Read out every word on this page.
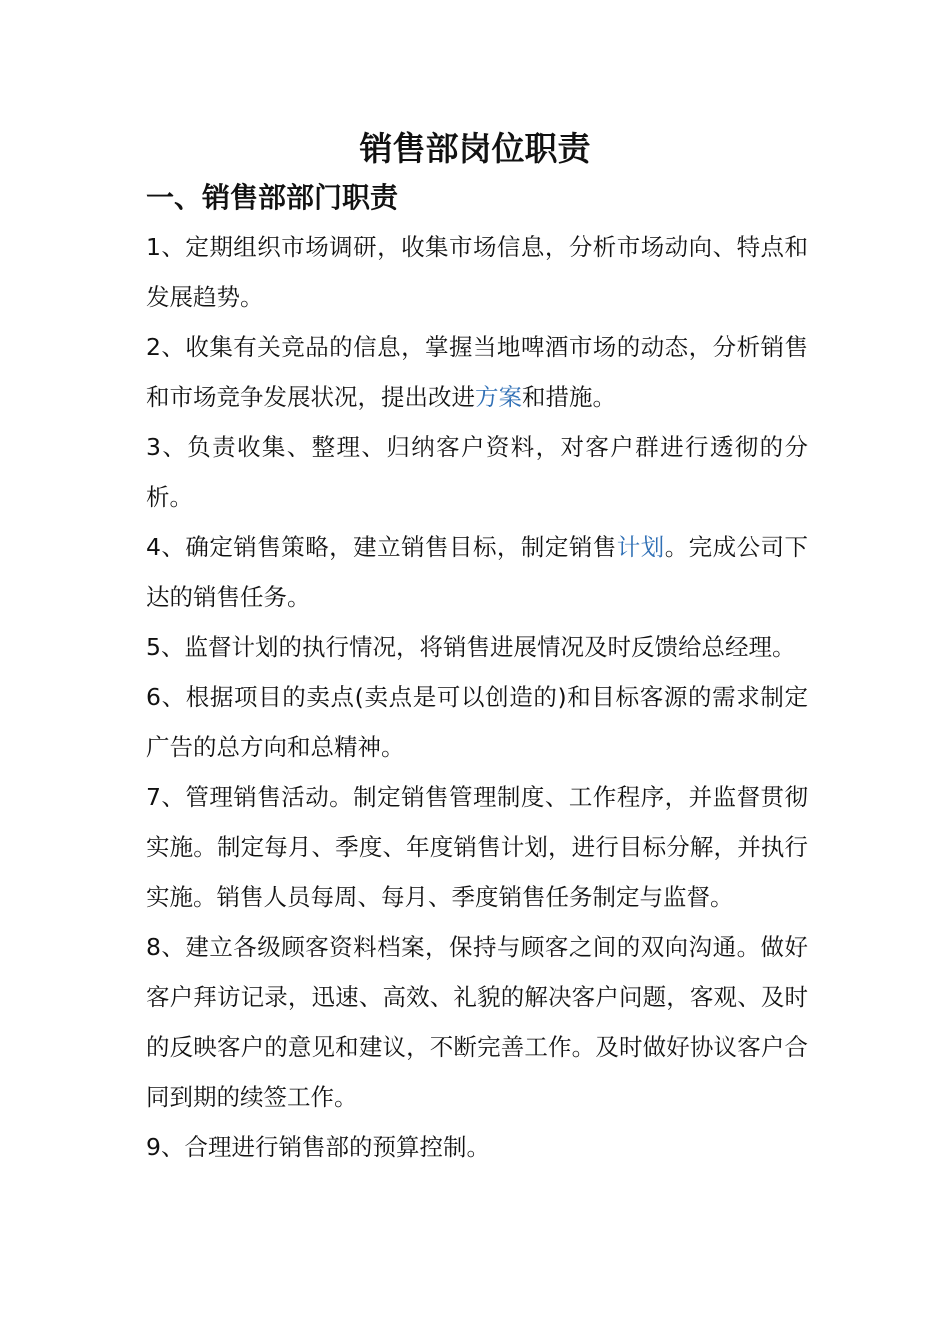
销售部岗位职责
一、销售部部门职责

1、定期组织市场调研，收集市场信息，分析市场动向、特点和发展趋势。

2、收集有关竞品的信息，掌握当地啤酒市场的动态，分析销售和市场竞争发展状况，提出改进方案和措施。

3、负责收集、整理、归纳客户资料，对客户群进行透彻的分析。

4、确定销售策略，建立销售目标，制定销售计划。完成公司下达的销售任务。

5、监督计划的执行情况，将销售进展情况及时反馈给总经理。

6、根据项目的卖点(卖点是可以创造的)和目标客源的需求制定广告的总方向和总精神。

7、管理销售活动。制定销售管理制度、工作程序，并监督贯彻实施。制定每月、季度、年度销售计划，进行目标分解，并执行实施。销售人员每周、每月、季度销售任务制定与监督。

8、建立各级顾客资料档案，保持与顾客之间的双向沟通。做好客户拜访记录，迅速、高效、礼貌的解决客户问题，客观、及时的反映客户的意见和建议，不断完善工作。及时做好协议客户合同到期的续签工作。

9、合理进行销售部的预算控制。
